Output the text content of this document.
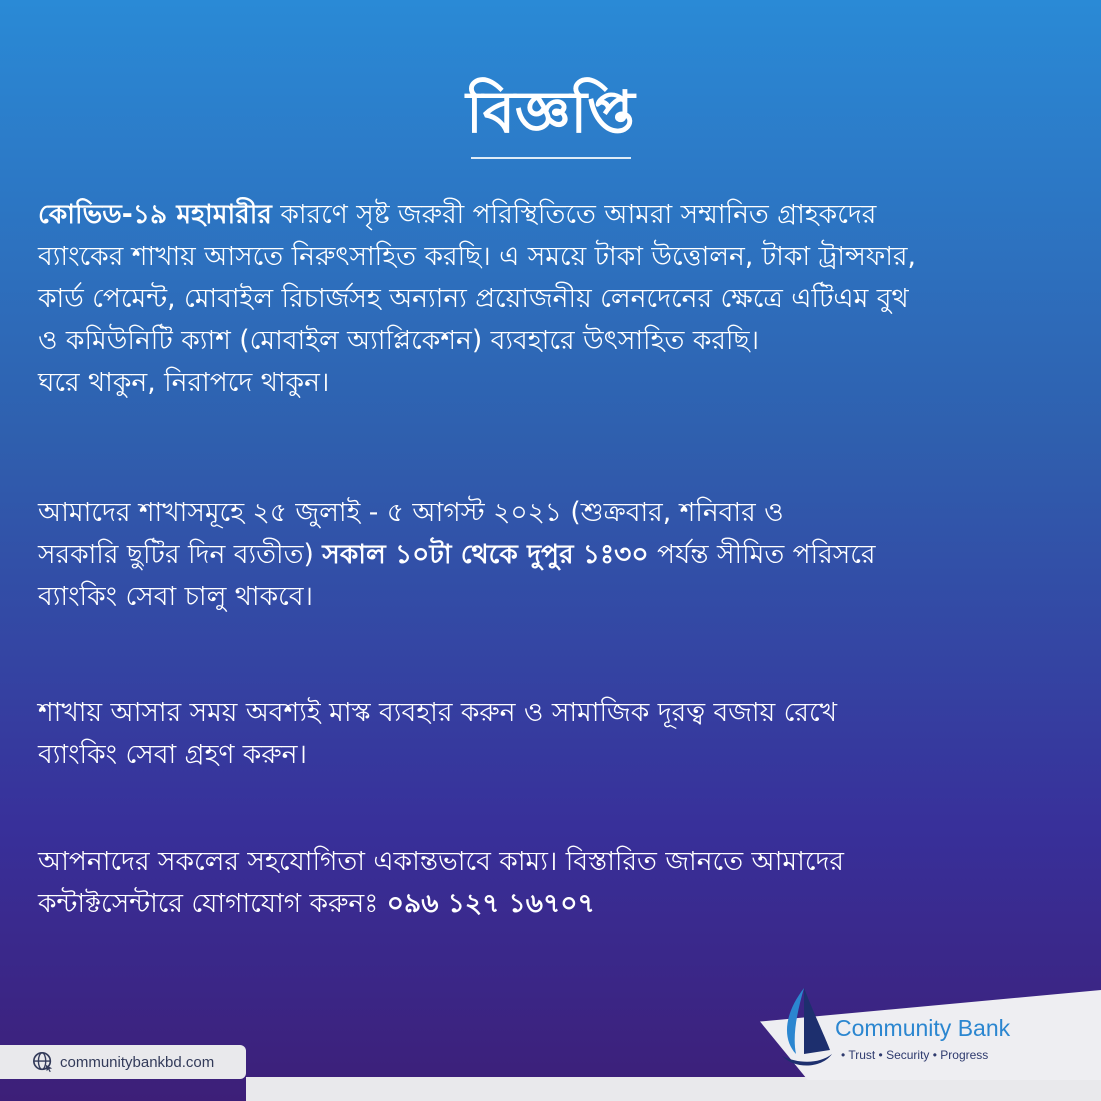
বিজ্ঞপ্তি
কোভিড-১৯ মহামারীর কারণে সৃষ্ট জরুরী পরিস্থিতিতে আমরা সম্মানিত গ্রাহকদের
ব্যাংকের শাখায় আসতে নিরুৎসাহিত করছি। এ সময়ে টাকা উত্তোলন, টাকা ট্রান্সফার,
কার্ড পেমেন্ট, মোবাইল রিচার্জসহ অন্যান্য প্রয়োজনীয় লেনদেনের ক্ষেত্রে এটিএম বুথ
ও কমিউনিটি ক্যাশ (মোবাইল অ্যাপ্লিকেশন) ব্যবহারে উৎসাহিত করছি।
ঘরে থাকুন, নিরাপদে থাকুন।
আমাদের শাখাসমূহে ২৫ জুলাই - ৫ আগস্ট ২০২১ (শুক্রবার, শনিবার ও
সরকারি ছুটির দিন ব্যতীত) সকাল ১০টা থেকে দুপুর ১ঃ৩০ পর্যন্ত সীমিত পরিসরে
ব্যাংকিং সেবা চালু থাকবে।
শাখায় আসার সময় অবশ্যই মাস্ক ব্যবহার করুন ও সামাজিক দূরত্ব বজায় রেখে
ব্যাংকিং সেবা গ্রহণ করুন।
আপনাদের সকলের সহযোগিতা একান্তভাবে কাম্য। বিস্তারিত জানতে আমাদের
কন্টাক্টসেন্টারে যোগাযোগ করুনঃ ০৯৬ ১২৭ ১৬৭০৭
communitybankbd.com
Community Bank
• Trust • Security • Progress
